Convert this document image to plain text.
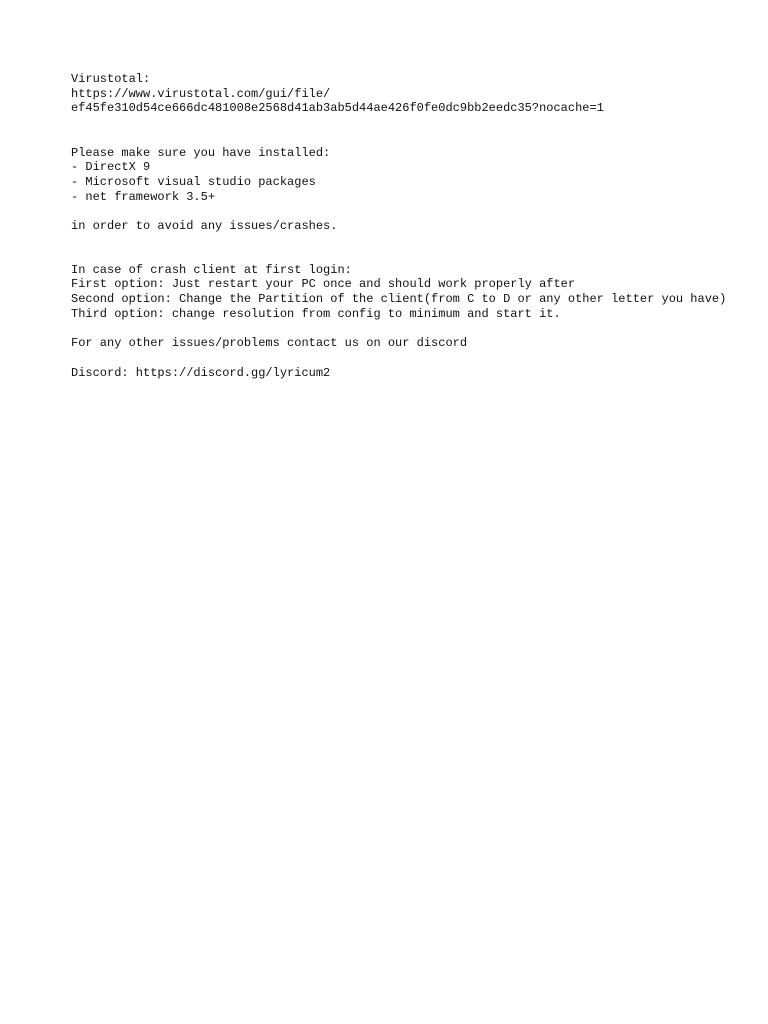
Virustotal:
https://www.virustotal.com/gui/file/
ef45fe310d54ce666dc481008e2568d41ab3ab5d44ae426f0fe0dc9bb2eedc35?nocache=1
Please make sure you have installed:
- DirectX 9
- Microsoft visual studio packages
- net framework 3.5+
in order to avoid any issues/crashes.
In case of crash client at first login:
First option: Just restart your PC once and should work properly after
Second option: Change the Partition of the client(from C to D or any other letter you have)
Third option: change resolution from config to minimum and start it.
For any other issues/problems contact us on our discord
Discord: https://discord.gg/lyricum2
